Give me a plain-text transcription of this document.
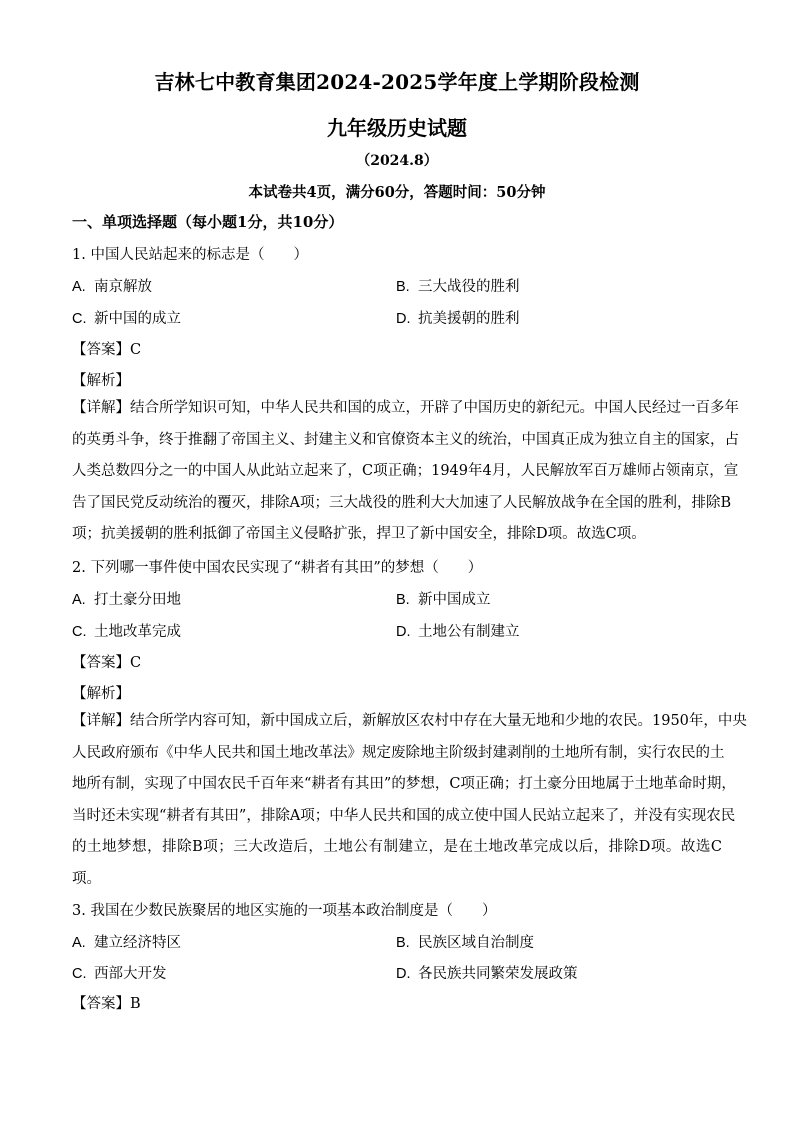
吉林七中教育集团2024-2025学年度上学期阶段检测
九年级历史试题
（2024.8）
本试卷共4页，满分60分，答题时间：50分钟
一、单项选择题（每小题1分，共10分）
1. 中国人民站起来的标志是（　　）
A. 南京解放	B. 三大战役的胜利
C. 新中国的成立	D. 抗美援朝的胜利
【答案】C
【解析】
【详解】结合所学知识可知，中华人民共和国的成立，开辟了中国历史的新纪元。中国人民经过一百多年
的英勇斗争，终于推翻了帝国主义、封建主义和官僚资本主义的统治，中国真正成为独立自主的国家，占
人类总数四分之一的中国人从此站立起来了，C项正确；1949年4月，人民解放军百万雄师占领南京，宣
告了国民党反动统治的覆灭，排除A项；三大战役的胜利大大加速了人民解放战争在全国的胜利，排除B
项；抗美援朝的胜利抵御了帝国主义侵略扩张，捍卫了新中国安全，排除D项。故选C项。
2. 下列哪一事件使中国农民实现了“耕者有其田”的梦想（　　）
A. 打土豪分田地	B. 新中国成立
C. 土地改革完成	D. 土地公有制建立
【答案】C
【解析】
【详解】结合所学内容可知，新中国成立后，新解放区农村中存在大量无地和少地的农民。1950年，中央
人民政府颁布《中华人民共和国土地改革法》规定废除地主阶级封建剥削的土地所有制，实行农民的土
地所有制，实现了中国农民千百年来“耕者有其田”的梦想，C项正确；打土豪分田地属于土地革命时期，
当时还未实现“耕者有其田”，排除A项；中华人民共和国的成立使中国人民站立起来了，并没有实现农民
的土地梦想，排除B项；三大改造后，土地公有制建立，是在土地改革完成以后，排除D项。故选C
项。
3. 我国在少数民族聚居的地区实施的一项基本政治制度是（　　）
A. 建立经济特区	B. 民族区域自治制度
C. 西部大开发	D. 各民族共同繁荣发展政策
【答案】B
